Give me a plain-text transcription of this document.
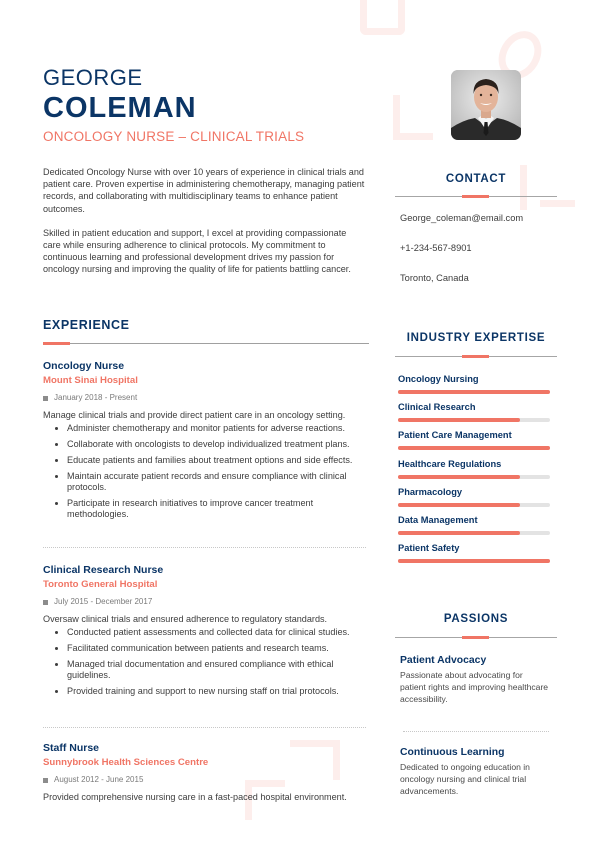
GEORGE
COLEMAN
ONCOLOGY NURSE – CLINICAL TRIALS

Dedicated Oncology Nurse with over 10 years of experience in clinical trials and patient care. Proven expertise in administering chemotherapy, managing patient records, and collaborating with multidisciplinary teams to enhance patient outcomes.

Skilled in patient education and support, I excel at providing compassionate care while ensuring adherence to clinical protocols. My commitment to continuous learning and professional development drives my passion for oncology nursing and improving the quality of life for patients battling cancer.

EXPERIENCE
Oncology Nurse
Mount Sinai Hospital
January 2018 - Present
Manage clinical trials and provide direct patient care in an oncology setting.
Administer chemotherapy and monitor patients for adverse reactions.
Collaborate with oncologists to develop individualized treatment plans.
Educate patients and families about treatment options and side effects.
Maintain accurate patient records and ensure compliance with clinical protocols.
Participate in research initiatives to improve cancer treatment methodologies.
Clinical Research Nurse
Toronto General Hospital
July 2015 - December 2017
Oversaw clinical trials and ensured adherence to regulatory standards.
Conducted patient assessments and collected data for clinical studies.
Facilitated communication between patients and research teams.
Managed trial documentation and ensured compliance with ethical guidelines.
Provided training and support to new nursing staff on trial protocols.
Staff Nurse
Sunnybrook Health Sciences Centre
August 2012 - June 2015
Provided comprehensive nursing care in a fast-paced hospital environment.
CONTACT
George_coleman@email.com
+1-234-567-8901
Toronto, Canada
INDUSTRY EXPERTISE
Oncology Nursing
Clinical Research
Patient Care Management
Healthcare Regulations
Pharmacology
Data Management
Patient Safety
PASSIONS
Patient Advocacy
Passionate about advocating for patient rights and improving healthcare accessibility.
Continuous Learning
Dedicated to ongoing education in oncology nursing and clinical trial advancements.
